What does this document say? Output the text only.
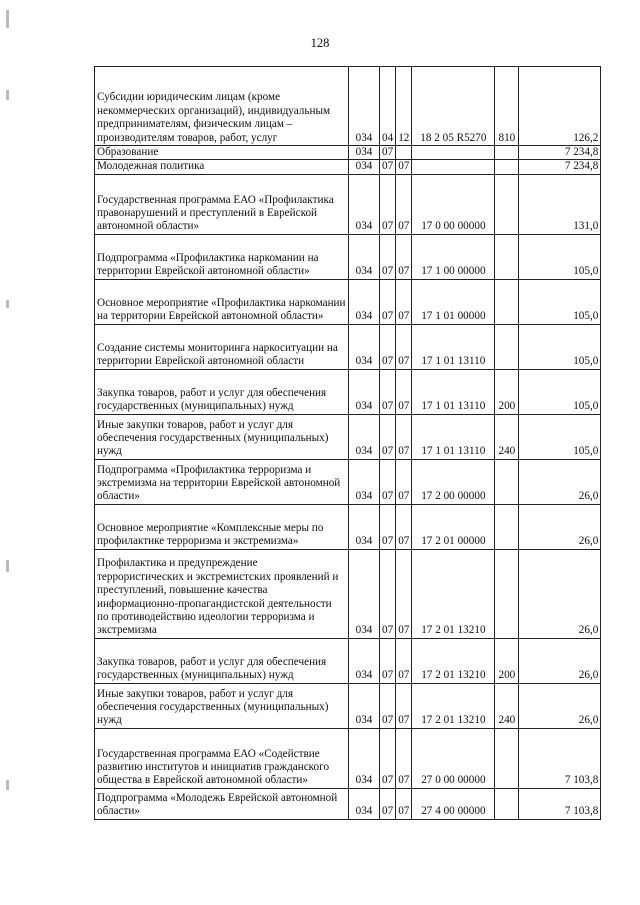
128
Субсидии юридическим лицам (кроме некоммерческих организаций), индивидуальным предпринимателям, физическим лицам – производителям товаров, работ, услуг	034	04	12	18 2 05 R5270	810	126,2
Образование	034	07				7 234,8
Молодежная политика	034	07	07			7 234,8
Государственная программа ЕАО «Профилактика правонарушений и преступлений в Еврейской автономной области»	034	07	07	17 0 00 00000		131,0
Подпрограмма «Профилактика наркомании на территории Еврейской автономной области»	034	07	07	17 1 00 00000		105,0
Основное мероприятие «Профилактика наркомании на территории Еврейской автономной области»	034	07	07	17 1 01 00000		105,0
Создание системы мониторинга наркоситуации на территории Еврейской автономной области	034	07	07	17 1 01 13110		105,0
Закупка товаров, работ и услуг для обеспечения государственных (муниципальных) нужд	034	07	07	17 1 01 13110	200	105,0
Иные закупки товаров, работ и услуг для обеспечения государственных (муниципальных) нужд	034	07	07	17 1 01 13110	240	105,0
Подпрограмма «Профилактика терроризма и экстремизма на территории Еврейской автономной области»	034	07	07	17 2 00 00000		26,0
Основное мероприятие «Комплексные меры по профилактике терроризма и экстремизма»	034	07	07	17 2 01 00000		26,0
Профилактика и предупреждение террористических и экстремистских проявлений и преступлений, повышение качества информационно-пропагандистской деятельности по противодействию идеологии терроризма и экстремизма	034	07	07	17 2 01 13210		26,0
Закупка товаров, работ и услуг для обеспечения государственных (муниципальных) нужд	034	07	07	17 2 01 13210	200	26,0
Иные закупки товаров, работ и услуг для обеспечения государственных (муниципальных) нужд	034	07	07	17 2 01 13210	240	26,0
Государственная программа ЕАО «Содействие развитию институтов и инициатив гражданского общества в Еврейской автономной области»	034	07	07	27 0 00 00000		7 103,8
Подпрограмма «Молодежь Еврейской автономной области»	034	07	07	27 4 00 00000		7 103,8
